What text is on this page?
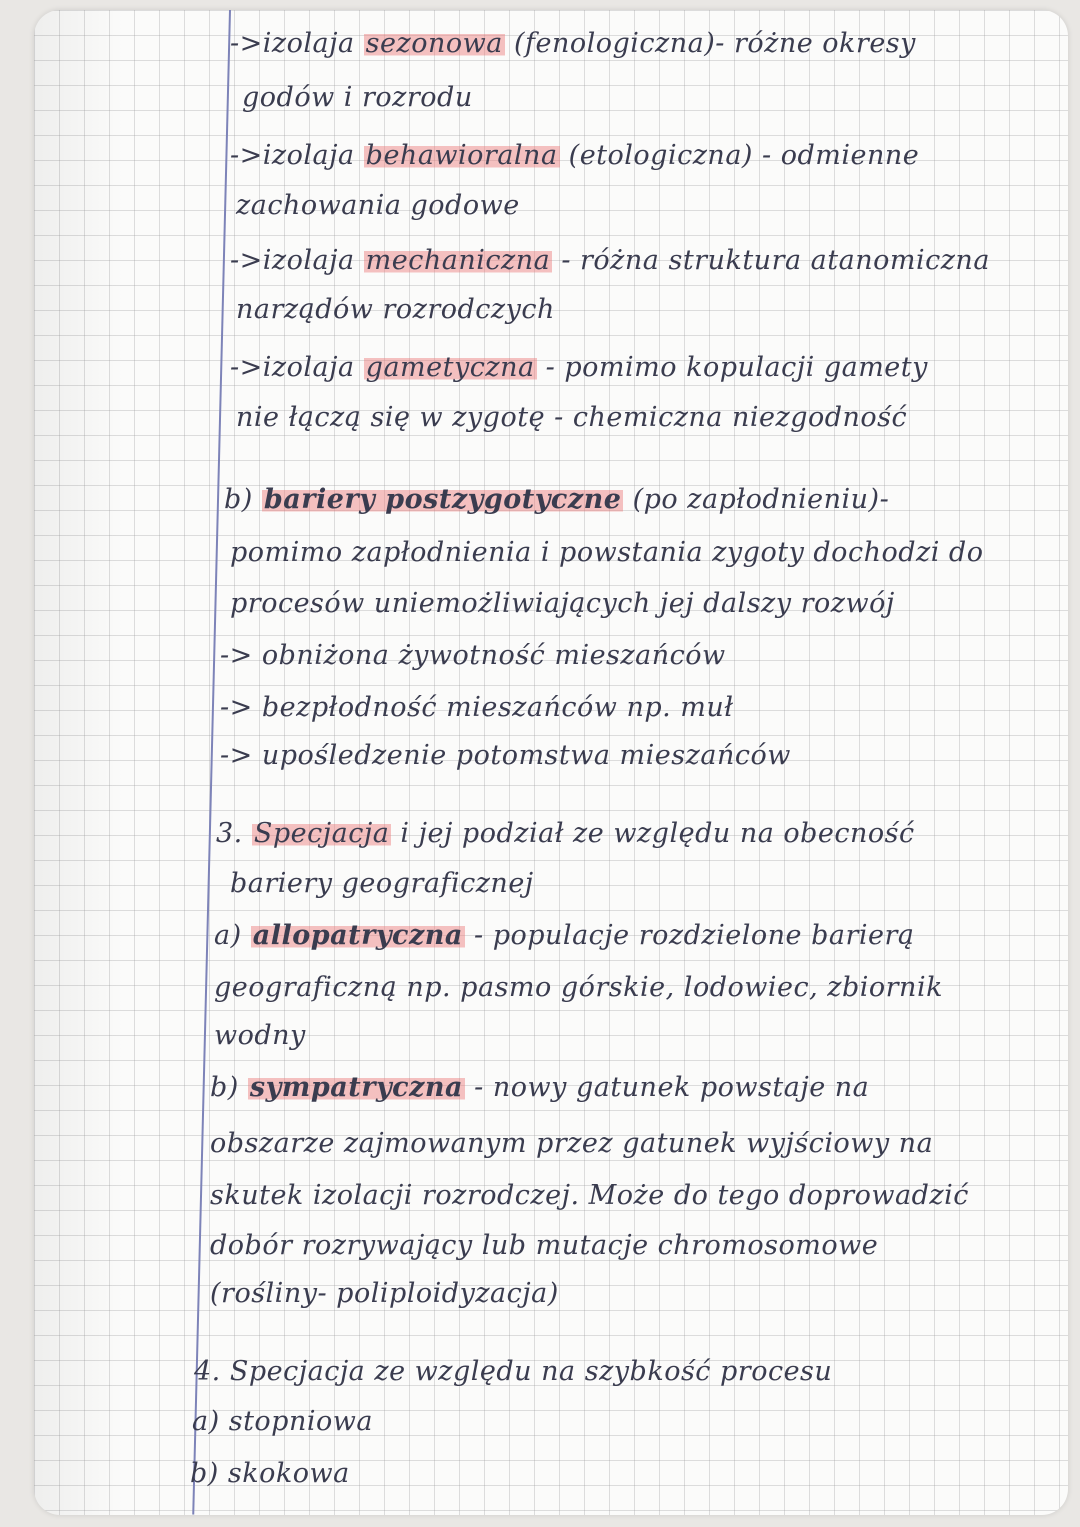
->izolaja sezonowa (fenologiczna)- różne okresy
godów i rozrodu
->izolaja behawioralna (etologiczna) - odmienne
zachowania godowe
->izolaja mechaniczna - różna struktura atanomiczna
narządów rozrodczych
->izolaja gametyczna - pomimo kopulacji gamety
nie łączą się w zygotę - chemiczna niezgodność
b) bariery postzygotyczne (po zapłodnieniu)-
pomimo zapłodnienia i powstania zygoty dochodzi do
procesów uniemożliwiających jej dalszy rozwój
-> obniżona żywotność mieszańców
-> bezpłodność mieszańców np. muł
-> upośledzenie potomstwa mieszańców
3. Specjacja i jej podział ze względu na obecność
bariery geograficznej
a) allopatryczna - populacje rozdzielone barierą
geograficzną np. pasmo górskie, lodowiec, zbiornik
wodny
b) sympatryczna - nowy gatunek powstaje na
obszarze zajmowanym przez gatunek wyjściowy na
skutek izolacji rozrodczej. Może do tego doprowadzić
dobór rozrywający lub mutacje chromosomowe
(rośliny- poliploidyzacja)
4. Specjacja ze względu na szybkość procesu
a) stopniowa
b) skokowa
